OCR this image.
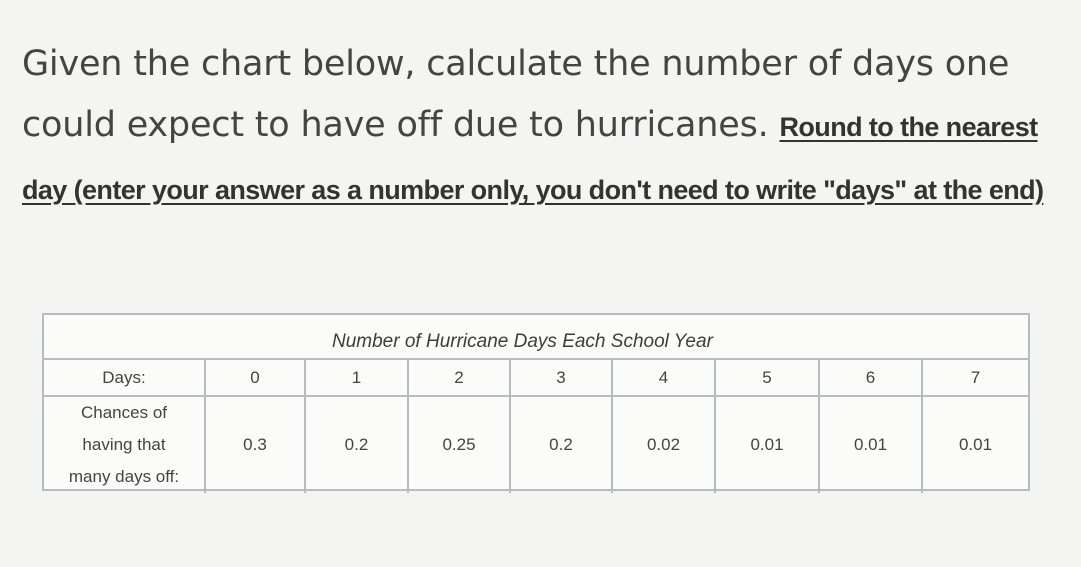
Given the chart below, calculate the number of days one could expect to have off due to hurricanes. Round to the nearest day (enter your answer as a number only, you don't need to write "days" at the end)
Number of Hurricane Days Each School Year
Days:	0	1	2	3	4	5	6	7

Chances of
having that
many days off:	0.3	0.2	0.25	0.2	0.02	0.01	0.01	0.01
